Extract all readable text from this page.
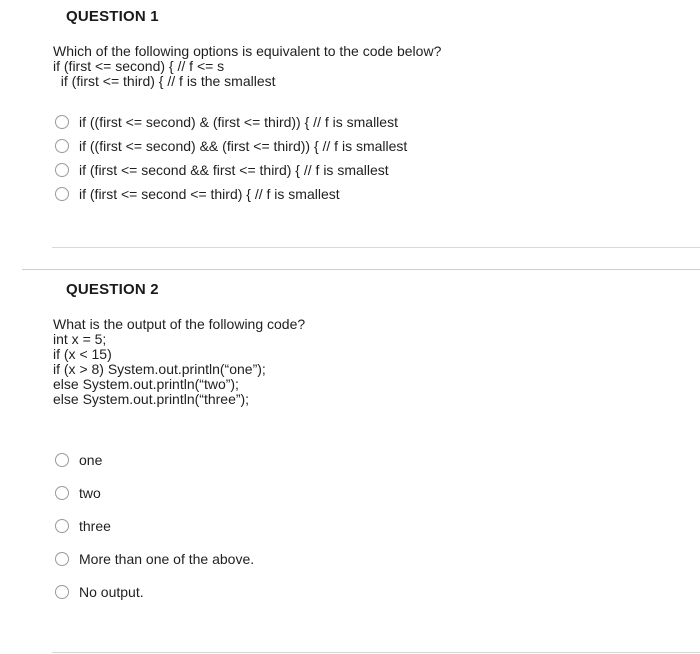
QUESTION 1
Which of the following options is equivalent to the code below?
if (first <= second) { // f <= s
if (first <= third) { // f is the smallest
if ((first <= second) & (first <= third)) { // f is smallest
if ((first <= second) && (first <= third)) { // f is smallest
if (first <= second && first <= third) { // f is smallest
if (first <= second <= third) { // f is smallest
QUESTION 2
What is the output of the following code?
int x = 5;
if (x < 15)
if (x > 8) System.out.println(“one”);
else System.out.println(“two”);
else System.out.println(“three”);
one
two
three
More than one of the above.
No output.
